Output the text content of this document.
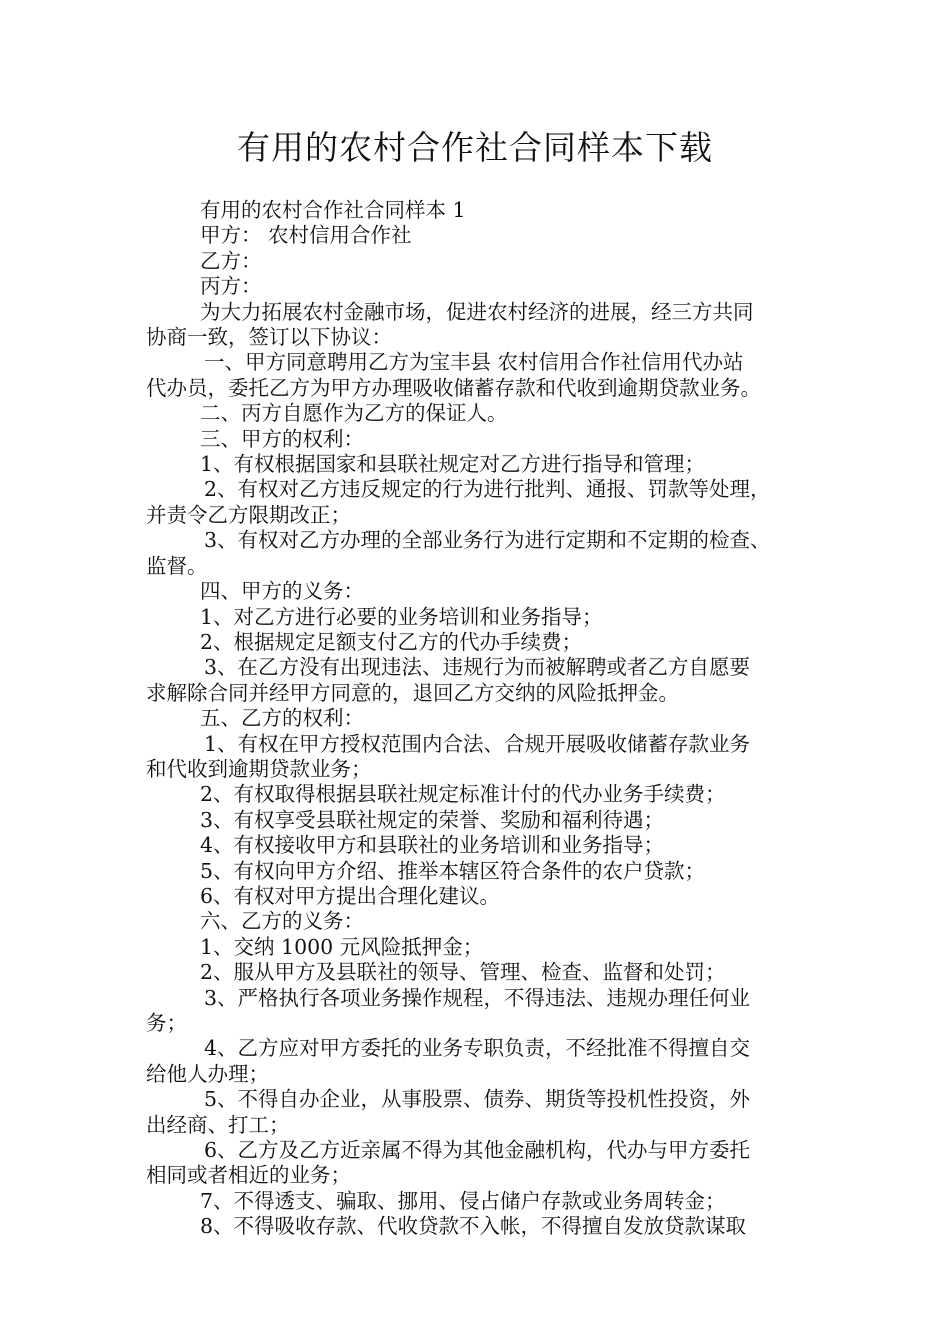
有用的农村合作社合同样本下载

有用的农村合作社合同样本 1

甲方： 农村信用合作社

乙方：

丙方：

为大力拓展农村金融市场，促进农村经济的进展，经三方共同

协商一致，签订以下协议：

一、甲方同意聘用乙方为宝丰县 农村信用合作社信用代办站

代办员，委托乙方为甲方办理吸收储蓄存款和代收到逾期贷款业务。

二、丙方自愿作为乙方的保证人。

三、甲方的权利：

1、有权根据国家和县联社规定对乙方进行指导和管理；

2、有权对乙方违反规定的行为进行批判、通报、罚款等处理，

并责令乙方限期改正；

3、有权对乙方办理的全部业务行为进行定期和不定期的检查、

监督。

四、甲方的义务：

1、对乙方进行必要的业务培训和业务指导；

2、根据规定足额支付乙方的代办手续费；

3、在乙方没有出现违法、违规行为而被解聘或者乙方自愿要

求解除合同并经甲方同意的，退回乙方交纳的风险抵押金。

五、乙方的权利：

1、有权在甲方授权范围内合法、合规开展吸收储蓄存款业务

和代收到逾期贷款业务；

2、有权取得根据县联社规定标准计付的代办业务手续费；

3、有权享受县联社规定的荣誉、奖励和福利待遇；

4、有权接收甲方和县联社的业务培训和业务指导；

5、有权向甲方介绍、推举本辖区符合条件的农户贷款；

6、有权对甲方提出合理化建议。

六、乙方的义务：

1、交纳 1000 元风险抵押金；

2、服从甲方及县联社的领导、管理、检查、监督和处罚；

3、严格执行各项业务操作规程，不得违法、违规办理任何业

务；

4、乙方应对甲方委托的业务专职负责，不经批准不得擅自交

给他人办理；

5、不得自办企业，从事股票、债券、期货等投机性投资，外

出经商、打工；

6、乙方及乙方近亲属不得为其他金融机构，代办与甲方委托

相同或者相近的业务；

7、不得透支、骗取、挪用、侵占储户存款或业务周转金；

8、不得吸收存款、代收贷款不入帐，不得擅自发放贷款谋取
